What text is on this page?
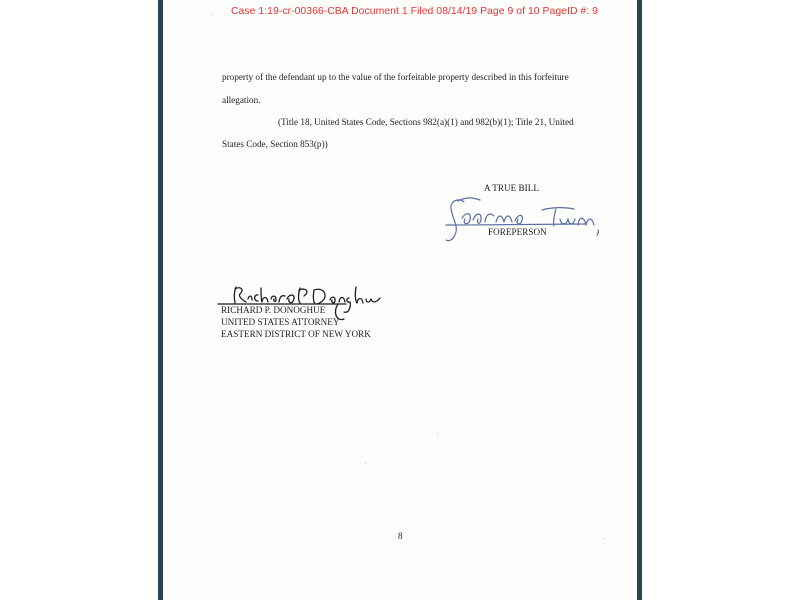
Case 1:19-cr-00366-CBA Document 1 Filed 08/14/19 Page 9 of 10 PageID #: 9
property of the defendant up to the value of the forfeitable property described in this forfeiture
allegation.
(Title 18, United States Code, Sections 982(a)(1) and 982(b)(1); Title 21, United
States Code, Section 853(p))
A TRUE BILL
FOREPERSON
RICHARD P. DONOGHUE
UNITED STATES ATTORNEY
EASTERN DISTRICT OF NEW YORK
8
